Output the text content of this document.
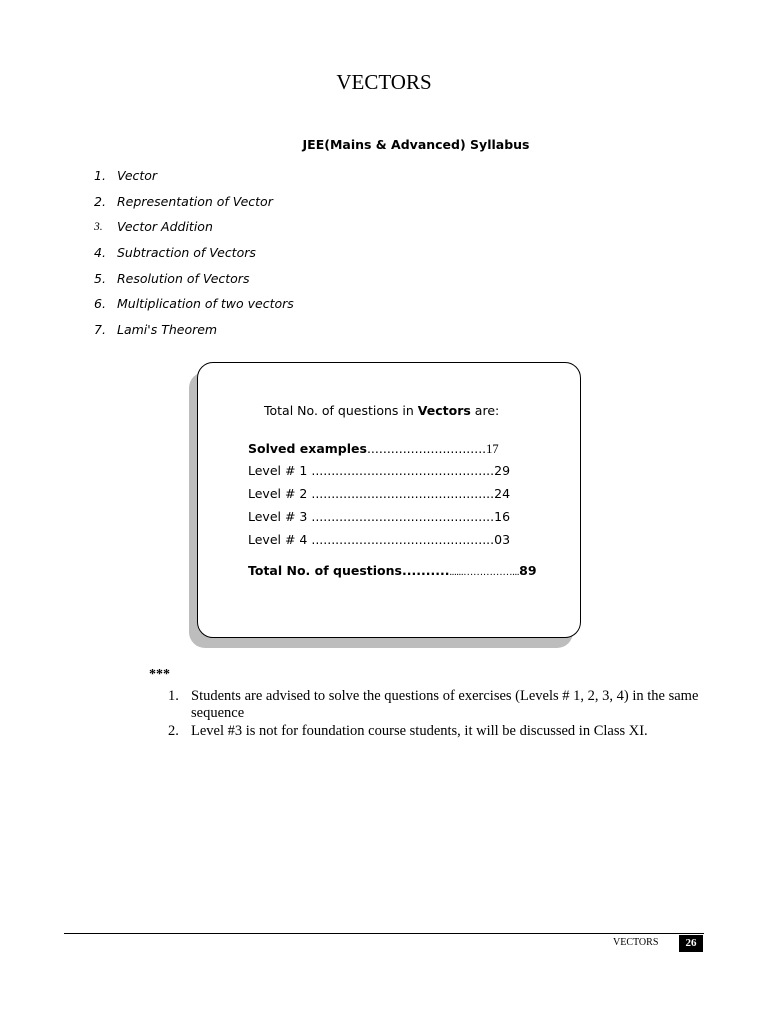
VECTORS
JEE(Mains & Advanced) Syllabus
1. Vector
2. Representation of Vector
3.	Vector Addition
4. Subtraction of Vectors
5. Resolution of Vectors
6. Multiplication of two vectors
7. Lami's Theorem
Total No. of questions in Vectors are:
Solved examples..............................17
Level # 1 ..............................................29
Level # 2 ..............................................24
Level # 3 ..............................................16
Level # 4 ..............................................03
Total No. of questions................……………...89
***
1. Students are advised to solve the questions of exercises (Levels # 1, 2, 3, 4) in the same sequence
2. Level #3 is not for foundation course students, it will be discussed in Class XI.
VECTORS	26
